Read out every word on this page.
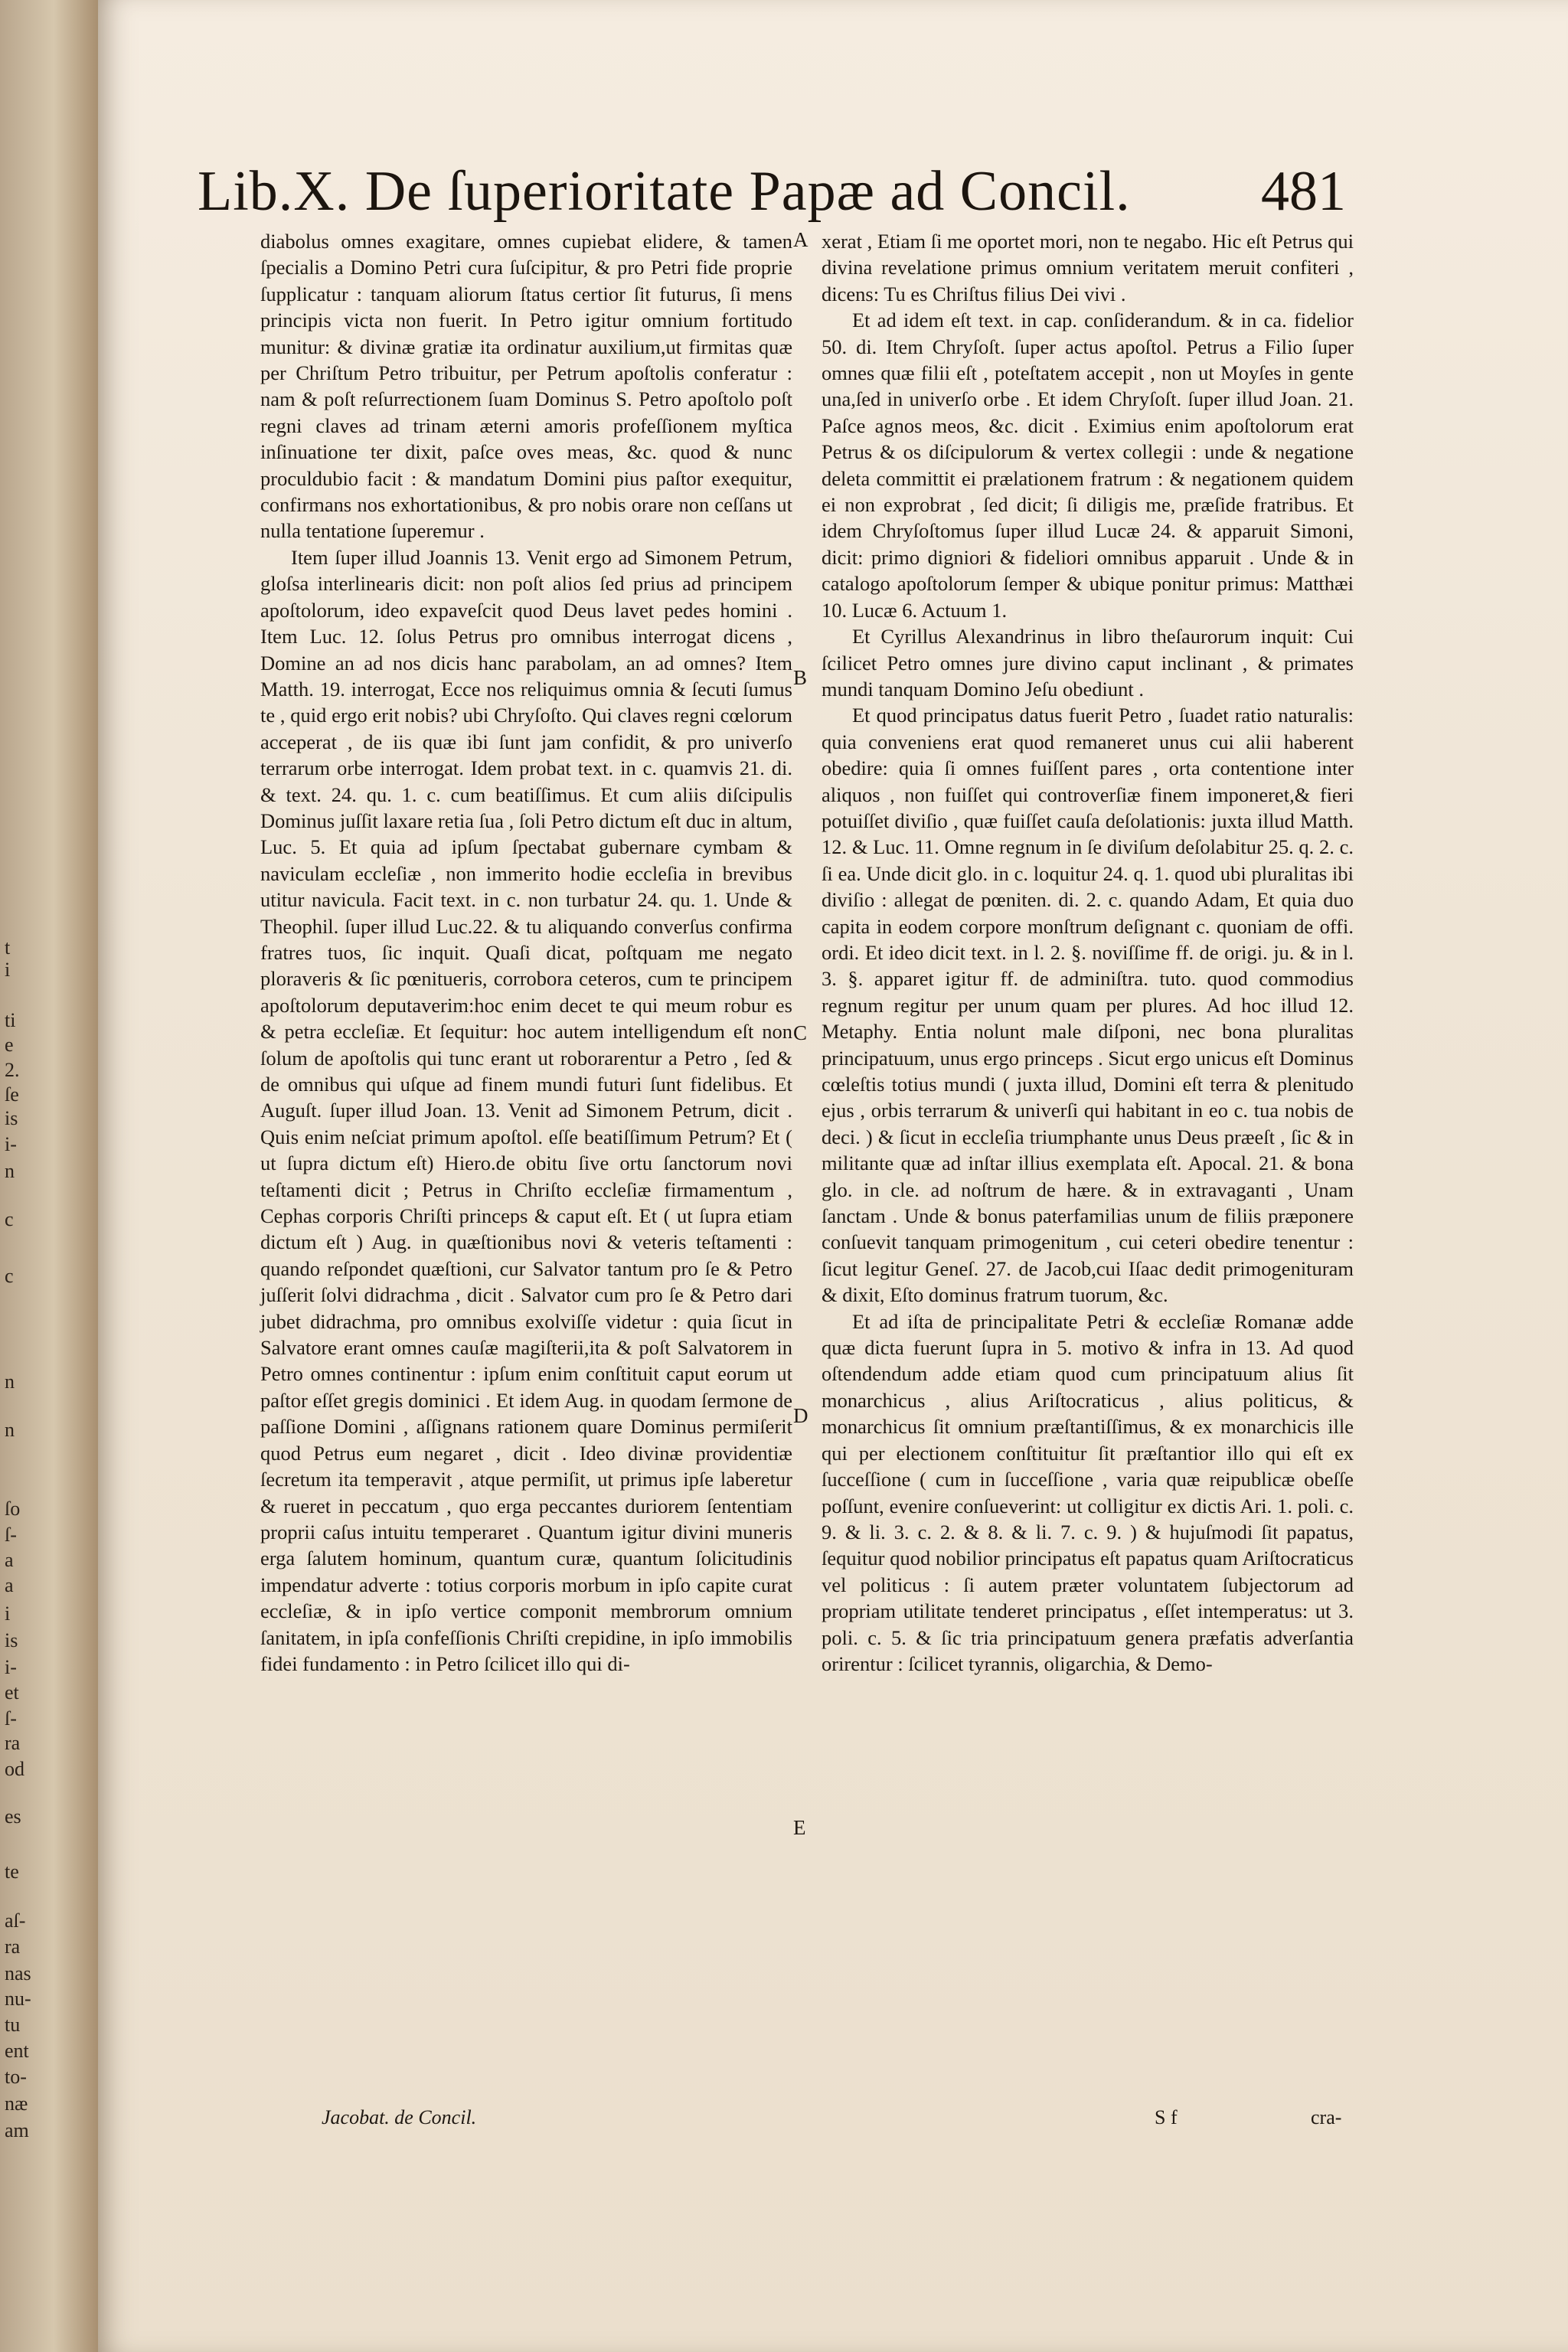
t
i
ti
e
2.
ſe
is
i-
n
c
c
n
n
ſo
ſ-
a
a
i
is
i-
et
ſ-
ra
od
es
te
aſ-
ra
nas
nu-
tu
ent
to-
næ
am
Lib.X. De ſuperioritate Papæ ad Concil. 481

diabolus omnes exagitare, omnes cupiebat elidere, & tamen ſpecialis a Domino Petri cura ſuſcipitur, & pro Petri fide proprie ſupplicatur : tanquam aliorum ſtatus certior ſit futurus, ſi mens principis victa non fuerit. In Petro igitur omnium fortitudo munitur: & divinæ gratiæ ita ordinatur auxilium,ut firmitas quæ per Chriſtum Petro tribuitur, per Petrum apoſtolis conferatur : nam & poſt reſurrectionem ſuam Dominus S. Petro apoſtolo poſt regni claves ad trinam æterni amoris profeſſionem myſtica inſinuatione ter dixit, paſce oves meas, &c. quod & nunc proculdubio facit : & mandatum Domini pius paſtor exequitur, confirmans nos exhortationibus, & pro nobis orare non ceſſans ut nulla tentatione ſuperemur .

Item ſuper illud Joannis 13. Venit ergo ad Simonem Petrum, gloſsa interlinearis dicit: non poſt alios ſed prius ad principem apoſtolorum, ideo expaveſcit quod Deus lavet pedes homini . Item Luc. 12. ſolus Petrus pro omnibus interrogat dicens , Domine an ad nos dicis hanc parabolam, an ad omnes? Item Matth. 19. interrogat, Ecce nos reliquimus omnia & ſecuti ſumus te , quid ergo erit nobis? ubi Chryſoſto. Qui claves regni cœlorum acceperat , de iis quæ ibi ſunt jam confidit, & pro univerſo terrarum orbe interrogat. Idem probat text. in c. quamvis 21. di. & text. 24. qu. 1. c. cum beatiſſimus. Et cum aliis diſcipulis Dominus juſſit laxare retia ſua , ſoli Petro dictum eſt duc in altum, Luc. 5. Et quia ad ipſum ſpectabat gubernare cymbam & naviculam eccleſiæ , non immerito hodie eccleſia in brevibus utitur navicula. Facit text. in c. non turbatur 24. qu. 1. Unde & Theophil. ſuper illud Luc.22. & tu aliquando converſus confirma fratres tuos, ſic inquit. Quaſi dicat, poſtquam me negato ploraveris & ſic pœnitueris, corrobora ceteros, cum te principem apoſtolorum deputaverim:hoc enim decet te qui meum robur es & petra eccleſiæ. Et ſequitur: hoc autem intelligendum eſt non ſolum de apoſtolis qui tunc erant ut roborarentur a Petro , ſed & de omnibus qui uſque ad finem mundi futuri ſunt fidelibus. Et Auguſt. ſuper illud Joan. 13. Venit ad Simonem Petrum, dicit . Quis enim neſciat primum apoſtol. eſſe beatiſſimum Petrum? Et ( ut ſupra dictum eſt) Hiero.de obitu ſive ortu ſanctorum novi teſtamenti dicit ; Petrus in Chriſto eccleſiæ firmamentum , Cephas corporis Chriſti princeps & caput eſt. Et ( ut ſupra etiam dictum eſt ) Aug. in quæſtionibus novi & veteris teſtamenti : quando reſpondet quæſtioni, cur Salvator tantum pro ſe & Petro juſſerit ſolvi didrachma , dicit . Salvator cum pro ſe & Petro dari jubet didrachma, pro omnibus exolviſſe videtur : quia ſicut in Salvatore erant omnes cauſæ magiſterii,ita & poſt Salvatorem in Petro omnes continentur : ipſum enim conſtituit caput eorum ut paſtor eſſet gregis dominici . Et idem Aug. in quodam ſermone de paſſione Domini , aſſignans rationem quare Dominus permiſerit quod Petrus eum negaret , dicit . Ideo divinæ providentiæ ſecretum ita temperavit , atque permiſit, ut primus ipſe laberetur & rueret in peccatum , quo erga peccantes duriorem ſententiam proprii caſus intuitu temperaret . Quantum igitur divini muneris erga ſalutem hominum, quantum curæ, quantum ſolicitudinis impendatur adverte : totius corporis morbum in ipſo capite curat eccleſiæ, & in ipſo vertice componit membrorum omnium ſanitatem, in ipſa confeſſionis Chriſti crepidine, in ipſo immobilis fidei fundamento : in Petro ſcilicet illo qui di-

A
B
C
D
E

xerat , Etiam ſi me oportet mori, non te negabo. Hic eſt Petrus qui divina revelatione primus omnium veritatem meruit confiteri , dicens: Tu es Chriſtus filius Dei vivi .

Et ad idem eſt text. in cap. conſiderandum. & in ca. fidelior 50. di. Item Chryſoſt. ſuper actus apoſtol. Petrus a Filio ſuper omnes quæ filii eſt , poteſtatem accepit , non ut Moyſes in gente una,ſed in univerſo orbe . Et idem Chryſoſt. ſuper illud Joan. 21. Paſce agnos meos, &c. dicit . Eximius enim apoſtolorum erat Petrus & os diſcipulorum & vertex collegii : unde & negatione deleta committit ei prælationem fratrum : & negationem quidem ei non exprobrat , ſed dicit; ſi diligis me, præſide fratribus. Et idem Chryſoſtomus ſuper illud Lucæ 24. & apparuit Simoni, dicit: primo digniori & fideliori omnibus apparuit . Unde & in catalogo apoſtolorum ſemper & ubique ponitur primus: Matthæi 10. Lucæ 6. Actuum 1.

Et Cyrillus Alexandrinus in libro theſaurorum inquit: Cui ſcilicet Petro omnes jure divino caput inclinant , & primates mundi tanquam Domino Jeſu obediunt .

Et quod principatus datus fuerit Petro , ſuadet ratio naturalis: quia conveniens erat quod remaneret unus cui alii haberent obedire: quia ſi omnes fuiſſent pares , orta contentione inter aliquos , non fuiſſet qui controverſiæ finem imponeret,& fieri potuiſſet diviſio , quæ fuiſſet cauſa deſolationis: juxta illud Matth. 12. & Luc. 11. Omne regnum in ſe diviſum deſolabitur 25. q. 2. c. ſi ea. Unde dicit glo. in c. loquitur 24. q. 1. quod ubi pluralitas ibi diviſio : allegat de pœniten. di. 2. c. quando Adam, Et quia duo capita in eodem corpore monſtrum deſignant c. quoniam de offi. ordi. Et ideo dicit text. in l. 2. §. noviſſime ff. de origi. ju. & in l. 3. §. apparet igitur ff. de adminiſtra. tuto. quod commodius regnum regitur per unum quam per plures. Ad hoc illud 12. Metaphy. Entia nolunt male diſponi, nec bona pluralitas principatuum, unus ergo princeps . Sicut ergo unicus eſt Dominus cœleſtis totius mundi ( juxta illud, Domini eſt terra & plenitudo ejus , orbis terrarum & univerſi qui habitant in eo c. tua nobis de deci. ) & ſicut in eccleſia triumphante unus Deus præeſt , ſic & in militante quæ ad inſtar illius exemplata eſt. Apocal. 21. & bona glo. in cle. ad noſtrum de hære. & in extravaganti , Unam ſanctam . Unde & bonus paterfamilias unum de filiis præponere conſuevit tanquam primogenitum , cui ceteri obedire tenentur : ſicut legitur Geneſ. 27. de Jacob,cui Iſaac dedit primogenituram & dixit, Eſto dominus fratrum tuorum, &c.

Et ad iſta de principalitate Petri & eccleſiæ Romanæ adde quæ dicta fuerunt ſupra in 5. motivo & infra in 13. Ad quod oſtendendum adde etiam quod cum principatuum alius ſit monarchicus , alius Ariſtocraticus , alius politicus, & monarchicus ſit omnium præſtantiſſimus, & ex monarchicis ille qui per electionem conſtituitur ſit præſtantior illo qui eſt ex ſucceſſione ( cum in ſucceſſione , varia quæ reipublicæ obeſſe poſſunt, evenire conſueverint: ut colligitur ex dictis Ari. 1. poli. c. 9. & li. 3. c. 2. & 8. & li. 7. c. 9. ) & hujuſmodi ſit papatus, ſequitur quod nobilior principatus eſt papatus quam Ariſtocraticus vel politicus : ſi autem præter voluntatem ſubjectorum ad propriam utilitate tenderet principatus , eſſet intemperatus: ut 3. poli. c. 5. & ſic tria principatuum genera præfatis adverſantia orirentur : ſcilicet tyrannis, oligarchia, & Demo-

Jacobat. de Concil.	S f	cra-
